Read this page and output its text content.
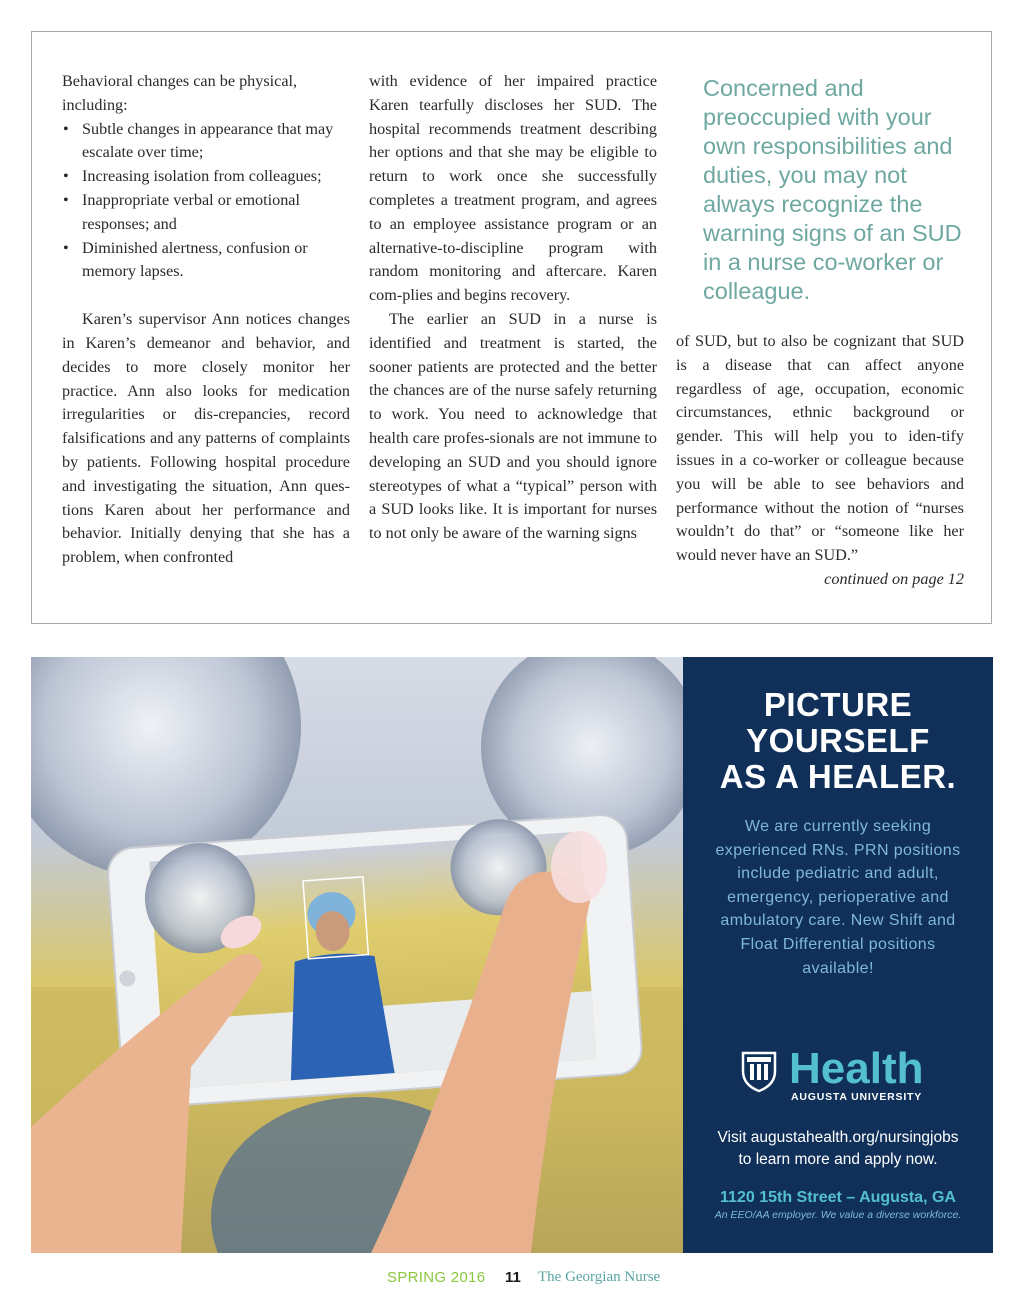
Behavioral changes can be physical, including:

• Subtle changes in appearance that may escalate over time;
• Increasing isolation from colleagues;
• Inappropriate verbal or emotional responses; and
• Diminished alertness, confusion or memory lapses.

Karen’s supervisor Ann notices changes in Karen’s demeanor and behavior, and decides to more closely monitor her practice. Ann also looks for medication irregularities or dis-crepancies, record falsifications and any patterns of complaints by patients. Following hospital procedure and investigating the situation, Ann ques-tions Karen about her performance and behavior. Initially denying that she has a problem, when confronted

with evidence of her impaired practice Karen tearfully discloses her SUD. The hospital recommends treatment describing her options and that she may be eligible to return to work once she successfully completes a treatment program, and agrees to an employee assistance program or an alternative-to-discipline program with random monitoring and aftercare. Karen com-plies and begins recovery.

The earlier an SUD in a nurse is identified and treatment is started, the sooner patients are protected and the better the chances are of the nurse safely returning to work. You need to acknowledge that health care profes-sionals are not immune to developing an SUD and you should ignore stereotypes of what a “typical” person with a SUD looks like. It is important for nurses to not only be aware of the warning signs

Concerned and preoccupied with your own responsibilities and duties, you may not always recognize the warning signs of an SUD in a nurse co-worker or colleague.

of SUD, but to also be cognizant that SUD is a disease that can affect anyone regardless of age, occupation, economic circumstances, ethnic background or gender. This will help you to iden-tify issues in a co-worker or colleague because you will be able to see behaviors and performance without the notion of “nurses wouldn’t do that” or “someone like her would never have an SUD.”

continued on page 12

PICTURE
YOURSELF
AS A HEALER.
We are currently seeking experienced RNs. PRN positions include pediatric and adult, emergency, perioperative and ambulatory care. New Shift and Float Differential positions available!
Health
AUGUSTA UNIVERSITY
Visit augustahealth.org/nursingjobs
to learn more and apply now.
1120 15th Street – Augusta, GA
An EEO/AA employer. We value a diverse workforce.
SPRING 2016 11 The Georgian Nurse
